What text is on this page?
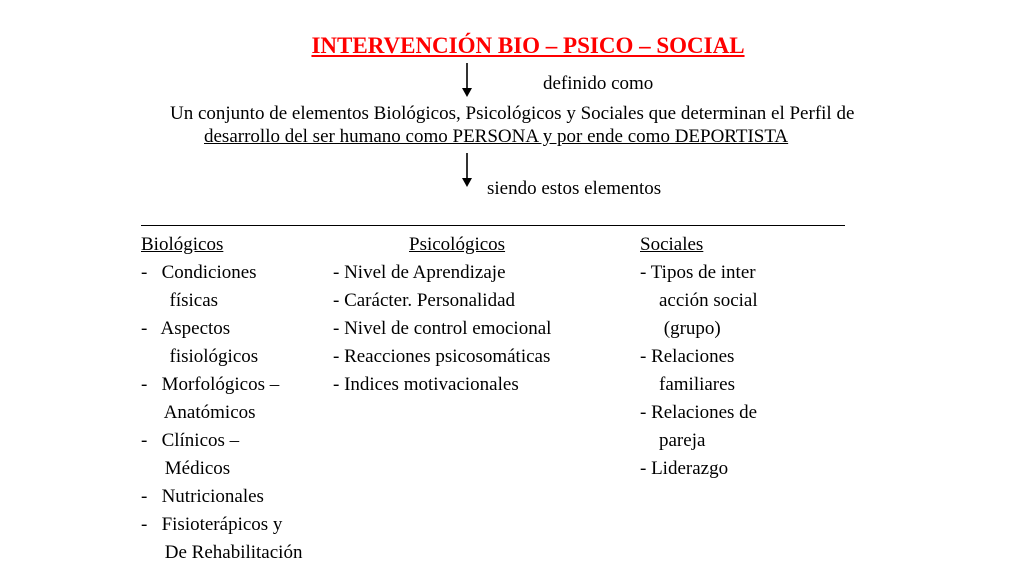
INTERVENCIÓN BIO – PSICO – SOCIAL
definido como
Un conjunto de elementos Biológicos, Psicológicos y Sociales que determinan el Perfil de
desarrollo del ser humano como PERSONA y por ende como DEPORTISTA
siendo estos elementos
Biológicos	Psicológicos	Sociales
-   Condiciones
físicas
-   Aspectos
fisiológicos
-   Morfológicos –
Anatómicos
-   Clínicos –
Médicos
-   Nutricionales
-   Fisioterápicos y
De Rehabilitación
- Nivel de Aprendizaje
- Carácter. Personalidad
- Nivel de control emocional
- Reacciones psicosomáticas
- Indices motivacionales
- Tipos de inter
acción social
(grupo)
- Relaciones
familiares
- Relaciones de
pareja
- Liderazgo
